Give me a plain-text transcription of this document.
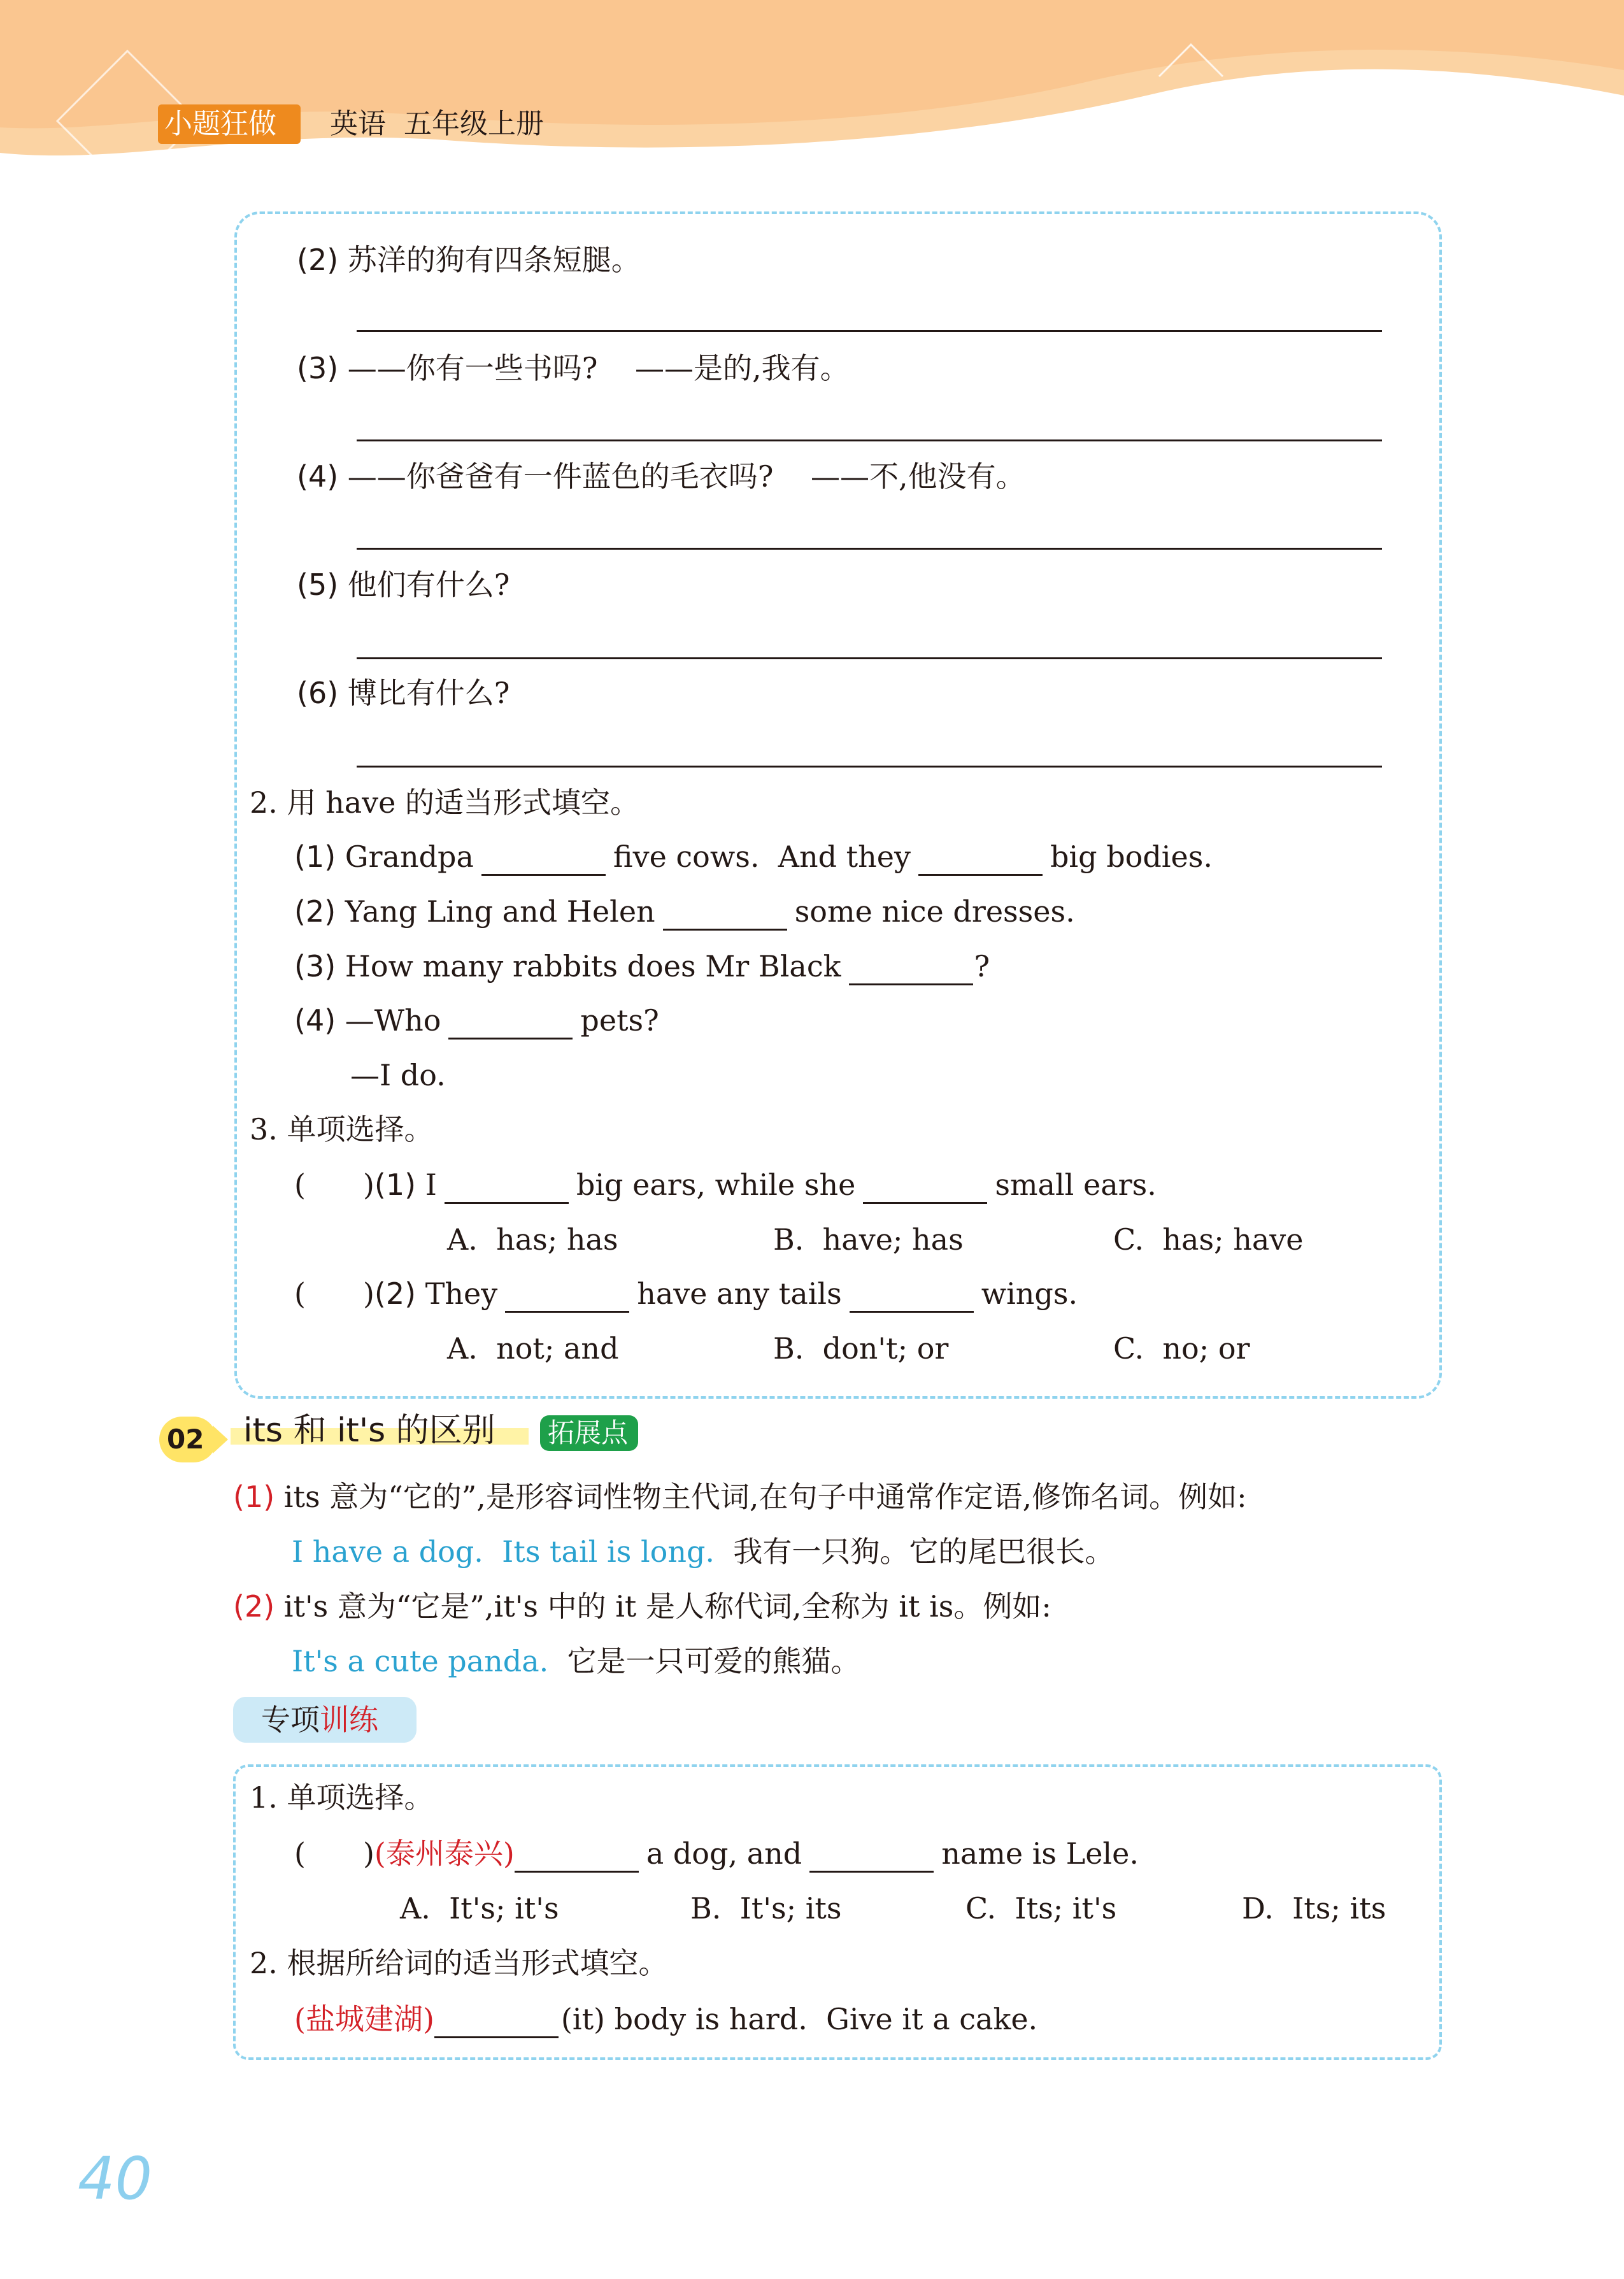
小题狂做 英语  五年级上册
(2) 苏洋的狗有四条短腿。
(3) ——你有一些书吗?    ——是的,我有。
(4) ——你爸爸有一件蓝色的毛衣吗?    ——不,他没有。
(5) 他们有什么?
(6) 博比有什么?
2. 用 have 的适当形式填空。
(1) Grandpa	five cows.  And they	big bodies.
(2) Yang Ling and Helen	some nice dresses.
(3) How many rabbits does Mr Black	?
(4) —Who	pets?
—I do.
3. 单项选择。
( )(1) I	big ears, while she	small ears.
A.  has; has	B.  have; has	C.  has; have
( )(2) They	have any tails	wings.
A.  not; and	B.  don't; or	C.  no; or
02 its 和 it's 的区别 拓展点
(1) its 意为“它的”,是形容词性物主代词,在句子中通常作定语,修饰名词。例如:
I have a dog.  Its tail is long. 我有一只狗。它的尾巴很长。
(2) it's 意为“它是”,it's 中的 it 是人称代词,全称为 it is。例如:
It's a cute panda. 它是一只可爱的熊猫。
专项训练
1. 单项选择。
( )(泰州泰兴)	a dog, and	name is Lele.
A.  It's; it's	B.  It's; its	C.  Its; it's	D.  Its; its
2. 根据所给词的适当形式填空。
(盐城建湖)	(it) body is hard.  Give it a cake.
40
